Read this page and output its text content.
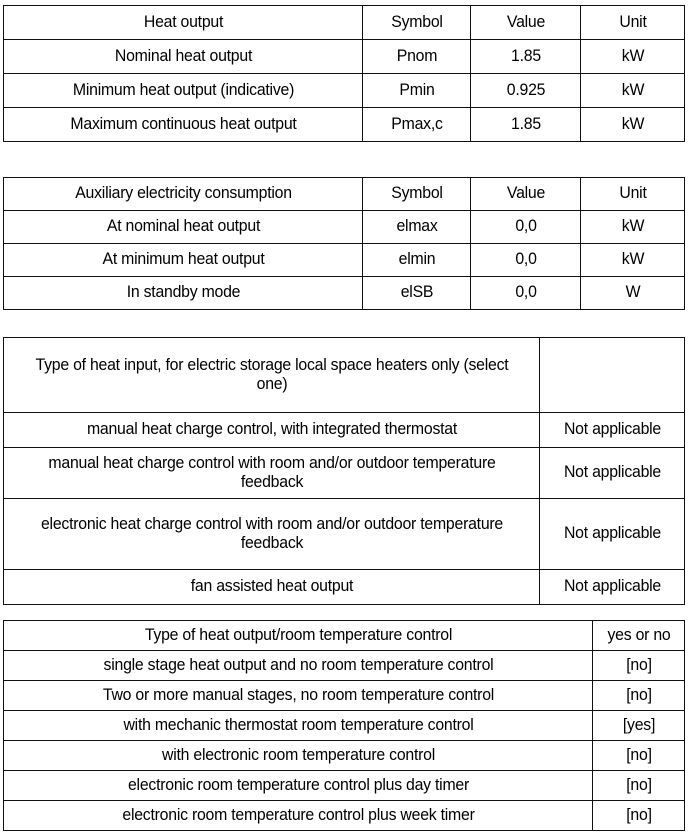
Heat output	Symbol	Value	Unit
Nominal heat output	Pnom	1.85	kW
Minimum heat output (indicative)	Pmin	0.925	kW
Maximum continuous heat output	Pmax,c	1.85	kW
Auxiliary electricity consumption	Symbol	Value	Unit
At nominal heat output	elmax	0,0	kW
At minimum heat output	elmin	0,0	kW
In standby mode	elSB	0,0	W
Type of heat input, for electric storage local space heaters only (select one)	
manual heat charge control, with integrated thermostat	Not applicable
manual heat charge control with room and/or outdoor temperature feedback	Not applicable
electronic heat charge control with room and/or outdoor temperature feedback	Not applicable
fan assisted heat output	Not applicable
Type of heat output/room temperature control	yes or no
single stage heat output and no room temperature control	[no]
Two or more manual stages, no room temperature control	[no]
with mechanic thermostat room temperature control	[yes]
with electronic room temperature control	[no]
electronic room temperature control plus day timer	[no]
electronic room temperature control plus week timer	[no]
